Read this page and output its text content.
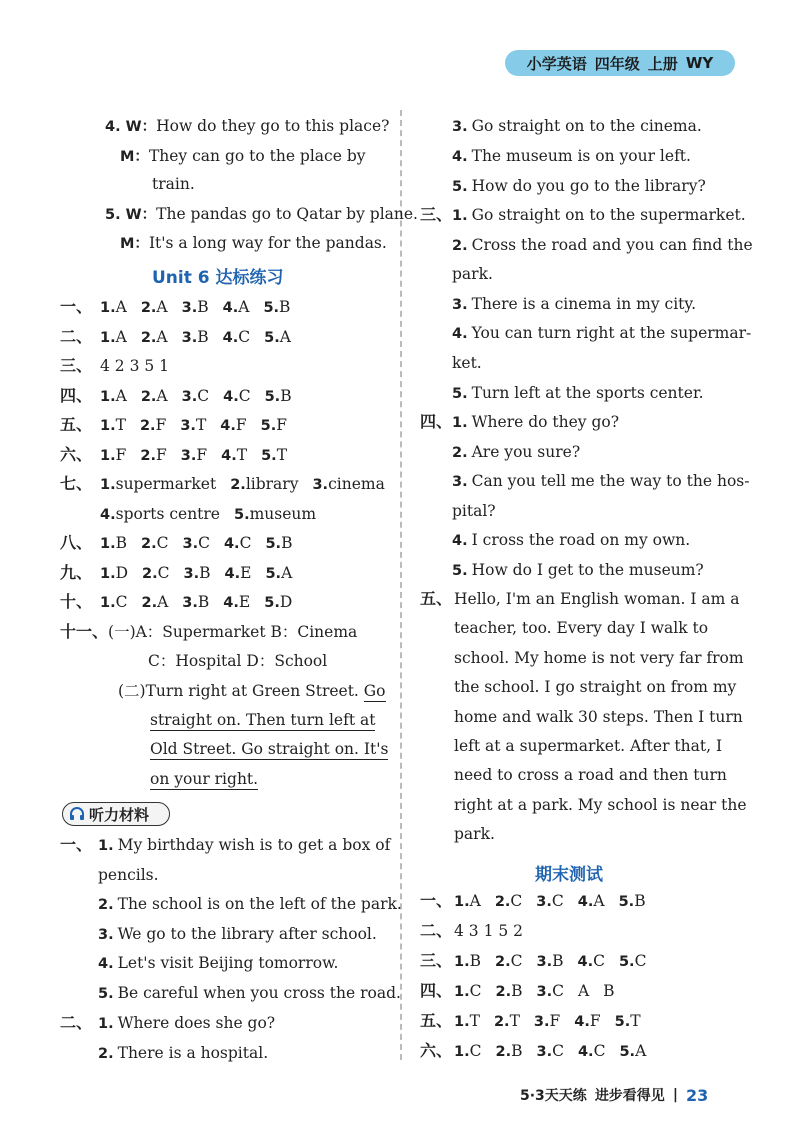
小学英语 四年级 上册 WY
4. W：How do they go to this place?
M：They can go to the place by
train.
5. W：The pandas go to Qatar by plane.
M：It's a long way for the pandas.
Unit 6 达标练习
一、 1.A 2.A 3.B 4.A 5.B
二、 1.A 2.A 3.B 4.C 5.A
三、 4 2 3 5 1
四、 1.A 2.A 3.C 4.C 5.B
五、 1.T 2.F 3.T 4.F 5.F
六、 1.F 2.F 3.F 4.T 5.T
七、 1.supermarket 2.library 3.cinema
4.sports centre 5.museum
八、 1.B 2.C 3.C 4.C 5.B
九、 1.D 2.C 3.B 4.E 5.A
十、 1.C 2.A 3.B 4.E 5.D
十一、(一)A：Supermarket B：Cinema
C：Hospital D：School
(二)Turn right at Green Street. Go
straight on. Then turn left at
Old Street. Go straight on. It's
on your right.
听力材料
一、 1. My birthday wish is to get a box of
pencils.
2. The school is on the left of the park.
3. We go to the library after school.
4. Let's visit Beijing tomorrow.
5. Be careful when you cross the road.
二、 1. Where does she go?
2. There is a hospital.
3. Go straight on to the cinema.
4. The museum is on your left.
5. How do you go to the library?
三、 1. Go straight on to the supermarket.
2. Cross the road and you can find the
park.
3. There is a cinema in my city.
4. You can turn right at the supermar-
ket.
5. Turn left at the sports center.
四、 1. Where do they go?
2. Are you sure?
3. Can you tell me the way to the hos-
pital?
4. I cross the road on my own.
5. How do I get to the museum?
五、 Hello, I'm an English woman. I am a
teacher, too. Every day I walk to
school. My home is not very far from
the school. I go straight on from my
home and walk 30 steps. Then I turn
left at a supermarket. After that, I
need to cross a road and then turn
right at a park. My school is near the
park.
期末测试
一、 1.A 2.C 3.C 4.A 5.B
二、 4 3 1 5 2
三、 1.B 2.C 3.B 4.C 5.C
四、 1.C 2.B 3.C A B
五、 1.T 2.T 3.F 4.F 5.T
六、 1.C 2.B 3.C 4.C 5.A
5·3天天练 进步看得见 | 23
